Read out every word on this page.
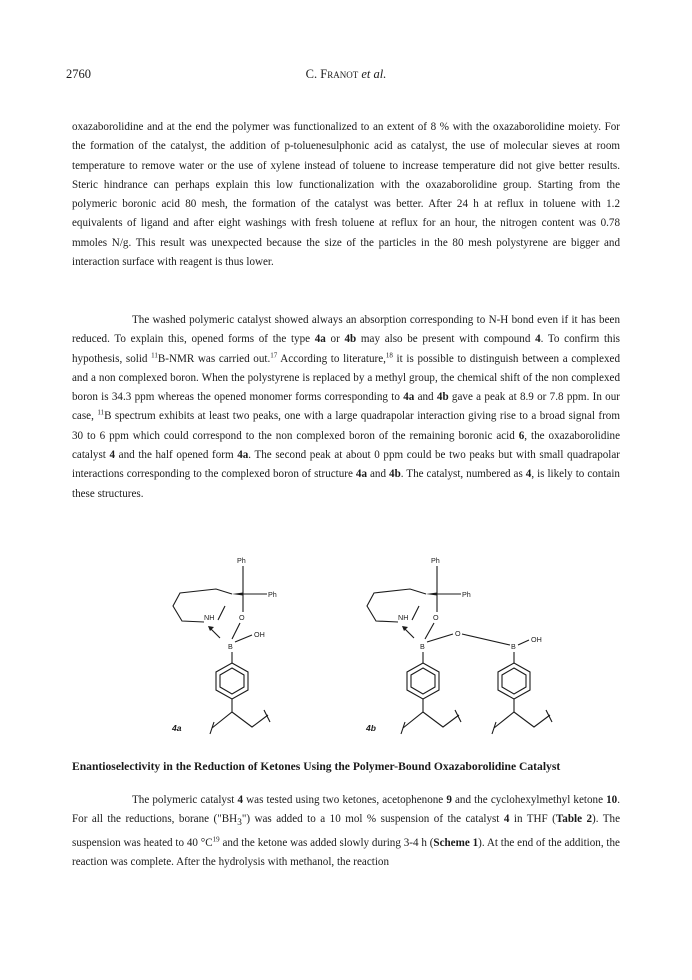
2760	C. Franot et al.
oxazaborolidine and at the end the polymer was functionalized to an extent of 8 % with the oxazaborolidine moiety. For the formation of the catalyst, the addition of p-toluenesulphonic acid as catalyst, the use of molecular sieves at room temperature to remove water or the use of xylene instead of toluene to increase temperature did not give better results. Steric hindrance can perhaps explain this low functionalization with the oxazaborolidine group. Starting from the polymeric boronic acid 80 mesh, the formation of the catalyst was better. After 24 h at reflux in toluene with 1.2 equivalents of ligand and after eight washings with fresh toluene at reflux for an hour, the nitrogen content was 0.78 mmoles N/g. This result was unexpected because the size of the particles in the 80 mesh polystyrene are bigger and interaction surface with reagent is thus lower.
The washed polymeric catalyst showed always an absorption corresponding to N-H bond even if it has been reduced. To explain this, opened forms of the type 4a or 4b may also be present with compound 4. To confirm this hypothesis, solid $^{11}$B-NMR was carried out.$^{17}$ According to literature,$^{18}$ it is possible to distinguish between a complexed and a non complexed boron. When the polystyrene is replaced by a methyl group, the chemical shift of the non complexed boron is 34.3 ppm whereas the opened monomer forms corresponding to 4a and 4b gave a peak at 8.9 or 7.8 ppm. In our case, $^{11}$B spectrum exhibits at least two peaks, one with a large quadrapolar interaction giving rise to a broad signal from 30 to 6 ppm which could correspond to the non complexed boron of the remaining boronic acid 6, the oxazaborolidine catalyst 4 and the half opened form 4a. The second peak at about 0 ppm could be two peaks but with small quadrapolar interactions corresponding to the complexed boron of structure 4a and 4b. The catalyst, numbered as 4, is likely to contain these structures.
Ph
Ph
NH	O
B
OH
4a
Ph
Ph
NH	O
B
O
B
OH
4b
Enantioselectivity in the Reduction of Ketones Using the Polymer-Bound Oxazaborolidine Catalyst
The polymeric catalyst 4 was tested using two ketones, acetophenone 9 and the cyclohexylmethyl ketone 10. For all the reductions, borane $("BH_3")$ was added to a 10 mol % suspension of the catalyst 4 in THF (Table 2). The suspension was heated to 40 $^\circ C^{19}$ and the ketone was added slowly during 3-4 h (Scheme 1). At the end of the addition, the reaction was complete. After the hydrolysis with methanol, the reaction
